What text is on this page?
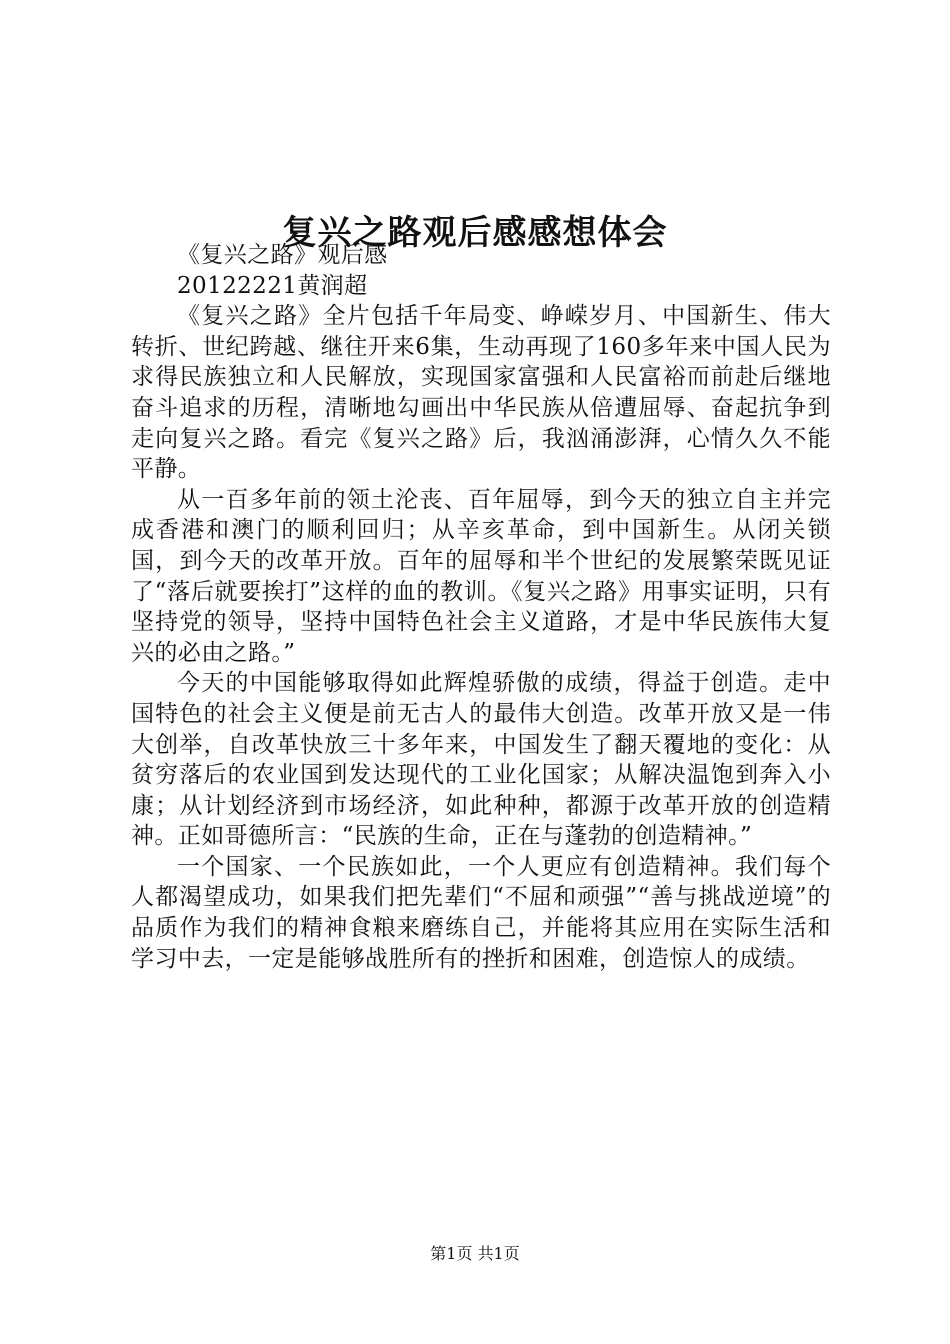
复兴之路观后感感想体会

《复兴之路》观后感

20122221黄润超

《复兴之路》全片包括千年局变、峥嵘岁月、中国新生、伟大转折、世纪跨越、继往开来6集，生动再现了160多年来中国人民为求得民族独立和人民解放，实现国家富强和人民富裕而前赴后继地奋斗追求的历程，清晰地勾画出中华民族从倍遭屈辱、奋起抗争到走向复兴之路。看完《复兴之路》后，我汹涌澎湃，心情久久不能平静。

从一百多年前的领土沦丧、百年屈辱，到今天的独立自主并完成香港和澳门的顺利回归；从辛亥革命，到中国新生。从闭关锁国，到今天的改革开放。百年的屈辱和半个世纪的发展繁荣既见证了“落后就要挨打”这样的血的教训。《复兴之路》用事实证明，只有坚持党的领导，坚持中国特色社会主义道路，才是中华民族伟大复兴的必由之路。”

今天的中国能够取得如此辉煌骄傲的成绩，得益于创造。走中国特色的社会主义便是前无古人的最伟大创造。改革开放又是一伟大创举，自改革快放三十多年来，中国发生了翻天覆地的变化：从贫穷落后的农业国到发达现代的工业化国家；从解决温饱到奔入小康；从计划经济到市场经济，如此种种，都源于改革开放的创造精神。正如哥德所言：“民族的生命，正在与蓬勃的创造精神。”

一个国家、一个民族如此，一个人更应有创造精神。我们每个人都渴望成功，如果我们把先辈们“不屈和顽强”“善与挑战逆境”的品质作为我们的精神食粮来磨练自己，并能将其应用在实际生活和学习中去，一定是能够战胜所有的挫折和困难，创造惊人的成绩。

第1页 共1页
